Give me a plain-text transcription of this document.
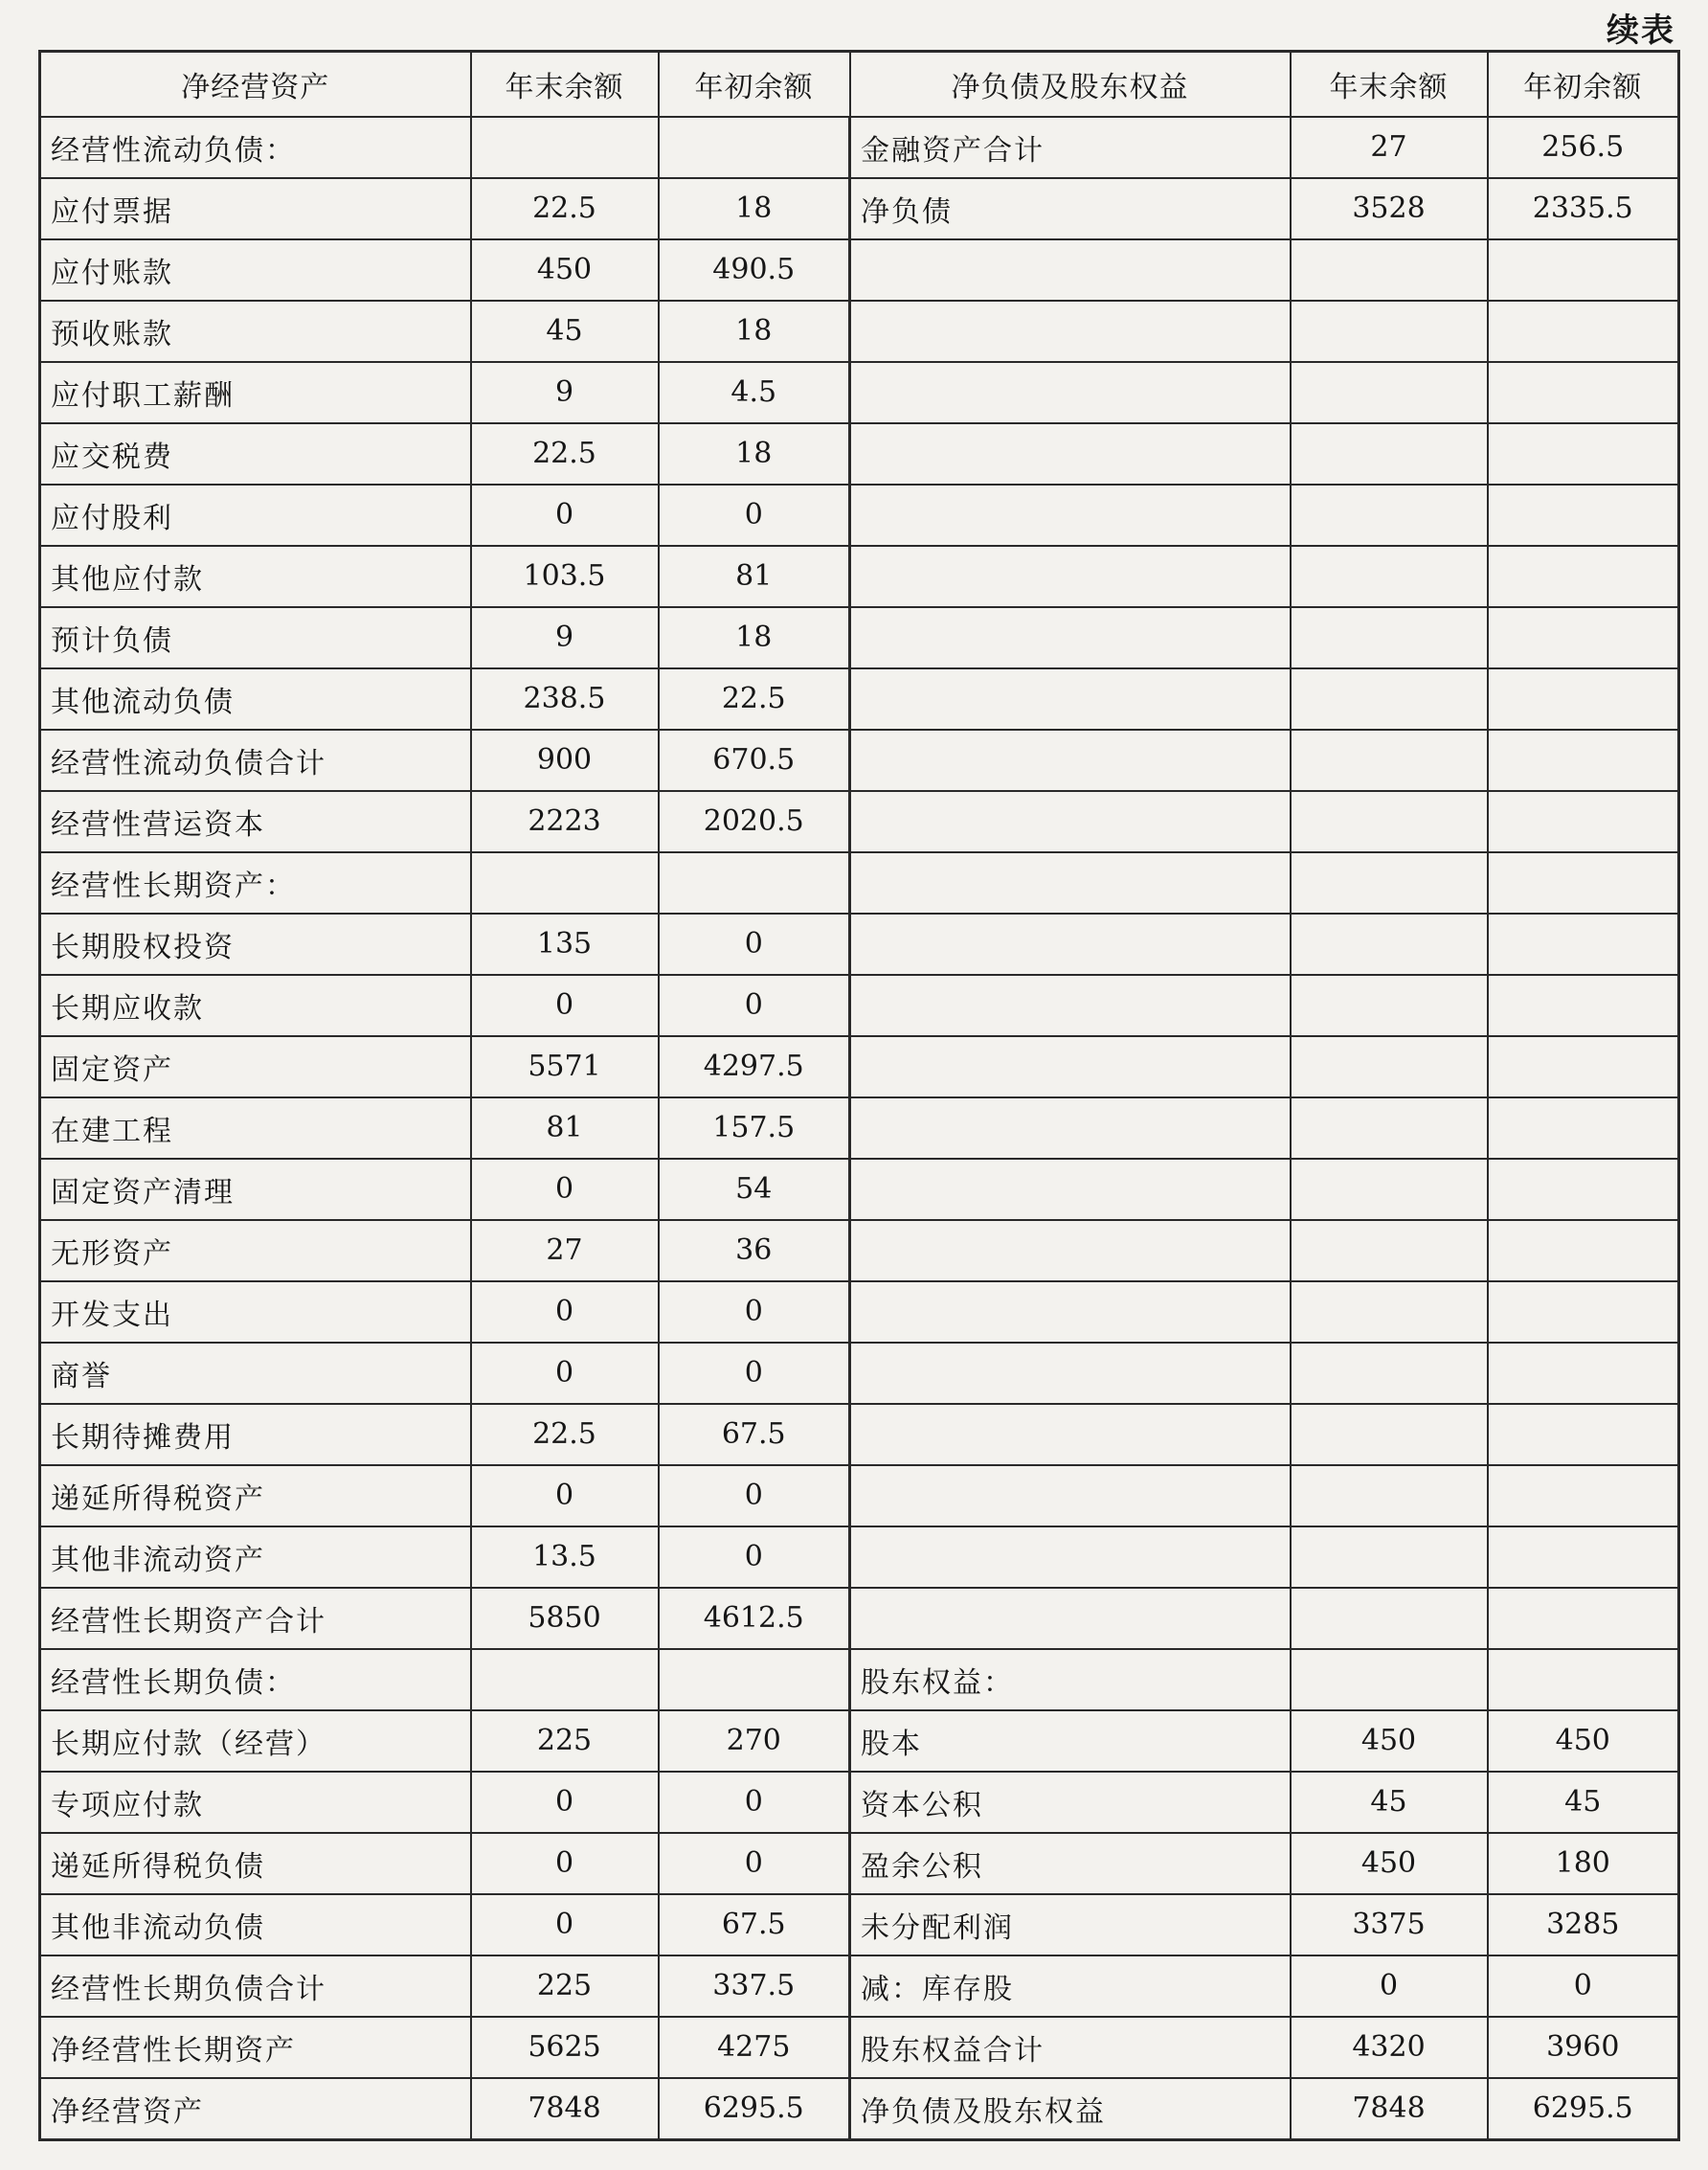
续表
净经营资产	年末余额	年初余额	净负债及股东权益	年末余额	年初余额
经营性流动负债：			金融资产合计	27	256.5
应付票据	22.5	18	净负债	3528	2335.5
应付账款	450	490.5			
预收账款	45	18			
应付职工薪酬	9	4.5			
应交税费	22.5	18			
应付股利	0	0			
其他应付款	103.5	81			
预计负债	9	18			
其他流动负债	238.5	22.5			
经营性流动负债合计	900	670.5			
经营性营运资本	2223	2020.5			
经营性长期资产：					
长期股权投资	135	0			
长期应收款	0	0			
固定资产	5571	4297.5			
在建工程	81	157.5			
固定资产清理	0	54			
无形资产	27	36			
开发支出	0	0			
商誉	0	0			
长期待摊费用	22.5	67.5			
递延所得税资产	0	0			
其他非流动资产	13.5	0			
经营性长期资产合计	5850	4612.5			
经营性长期负债：			股东权益：		
长期应付款（经营）	225	270	股本	450	450
专项应付款	0	0	资本公积	45	45
递延所得税负债	0	0	盈余公积	450	180
其他非流动负债	0	67.5	未分配利润	3375	3285
经营性长期负债合计	225	337.5	减：库存股	0	0
净经营性长期资产	5625	4275	股东权益合计	4320	3960
净经营资产	7848	6295.5	净负债及股东权益	7848	6295.5
